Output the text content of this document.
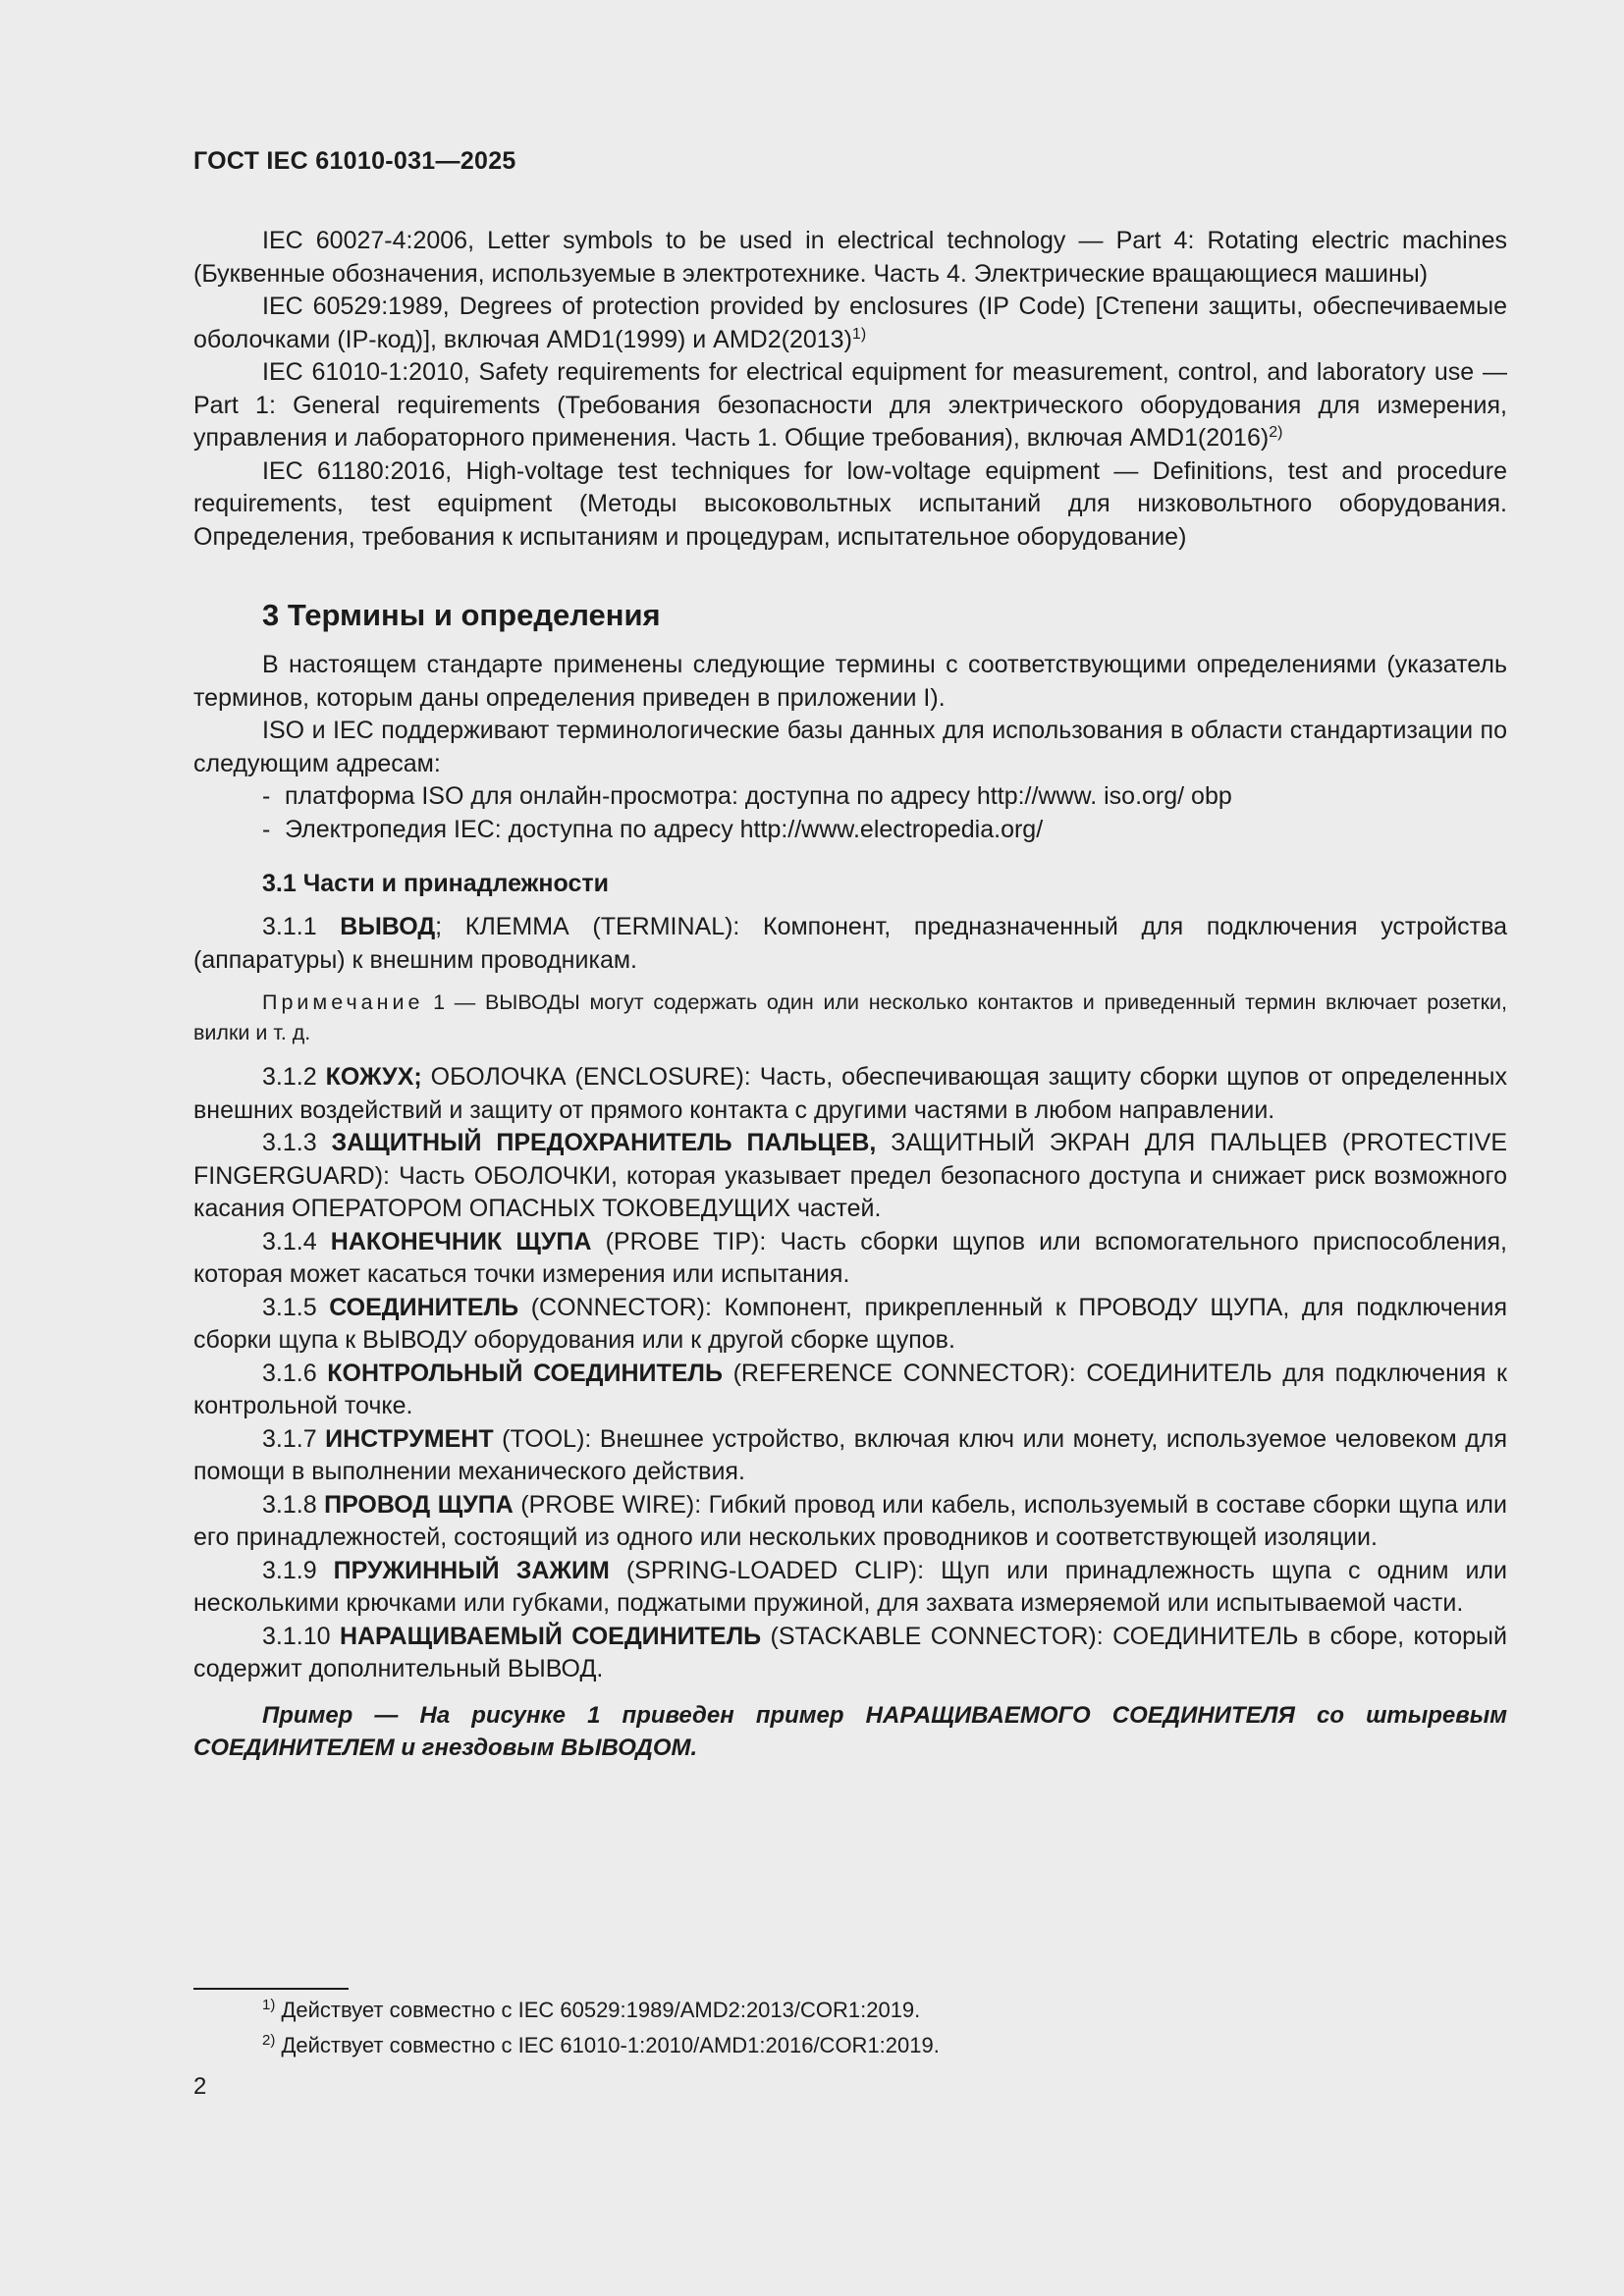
ГОСТ IEC 61010-031—2025

IEC 60027-4:2006, Letter symbols to be used in electrical technology — Part 4: Rotating electric machines (Буквенные обозначения, используемые в электротехнике. Часть 4. Электрические вращающиеся машины)

IEC 60529:1989, Degrees of protection provided by enclosures (IP Code) [Степени защиты, обеспечиваемые оболочками (IP-код)], включая AMD1(1999) и $AMD2(2013)^{1)}$

IEC 61010-1:2010, Safety requirements for electrical equipment for measurement, control, and laboratory use — Part 1: General requirements (Требования безопасности для электрического оборудования для измерения, управления и лабораторного применения. Часть 1. Общие требования), включая $AMD1(2016)^{2)}$

IEC 61180:2016, High-voltage test techniques for low-voltage equipment — Definitions, test and procedure requirements, test equipment (Методы высоковольтных испытаний для низковольтного оборудования. Определения, требования к испытаниям и процедурам, испытательное оборудование)

3 Термины и определения

В настоящем стандарте применены следующие термины с соответствующими определениями (указатель терминов, которым даны определения приведен в приложении I).

ISO и IEC поддерживают терминологические базы данных для использования в области стандартизации по следующим адресам:

- платформа ISO для онлайн-просмотра: доступна по адресу http://www. iso.org/ obp
- Электропедия IEC: доступна по адресу http://www.electropedia.org/
3.1 Части и принадлежности

3.1.1 ВЫВОД; КЛЕММА (TERMINAL): Компонент, предназначенный для подключения устройства (аппаратуры) к внешним проводникам.

Примечание 1 — ВЫВОДЫ могут содержать один или несколько контактов и приведенный термин включает розетки, вилки и т. д.

3.1.2 КОЖУХ; ОБОЛОЧКА (ENCLOSURE): Часть, обеспечивающая защиту сборки щупов от определенных внешних воздействий и защиту от прямого контакта с другими частями в любом направлении.

3.1.3 ЗАЩИТНЫЙ ПРЕДОХРАНИТЕЛЬ ПАЛЬЦЕВ, ЗАЩИТНЫЙ ЭКРАН ДЛЯ ПАЛЬЦЕВ (PROTECTIVE FINGERGUARD): Часть ОБОЛОЧКИ, которая указывает предел безопасного доступа и снижает риск возможного касания ОПЕРАТОРОМ ОПАСНЫХ ТОКОВЕДУЩИХ частей.

3.1.4 НАКОНЕЧНИК ЩУПА (PROBE TIP): Часть сборки щупов или вспомогательного приспособления, которая может касаться точки измерения или испытания.

3.1.5 СОЕДИНИТЕЛЬ (CONNECTOR): Компонент, прикрепленный к ПРОВОДУ ЩУПА, для подключения сборки щупа к ВЫВОДУ оборудования или к другой сборке щупов.

3.1.6 КОНТРОЛЬНЫЙ СОЕДИНИТЕЛЬ (REFERENCE CONNECTOR): СОЕДИНИТЕЛЬ для подключения к контрольной точке.

3.1.7 ИНСТРУМЕНТ (TOOL): Внешнее устройство, включая ключ или монету, используемое человеком для помощи в выполнении механического действия.

3.1.8 ПРОВОД ЩУПА (PROBE WIRE): Гибкий провод или кабель, используемый в составе сборки щупа или его принадлежностей, состоящий из одного или нескольких проводников и соответствующей изоляции.

3.1.9 ПРУЖИННЫЙ ЗАЖИМ (SPRING-LOADED CLIP): Щуп или принадлежность щупа с одним или несколькими крючками или губками, поджатыми пружиной, для захвата измеряемой или испытываемой части.

3.1.10 НАРАЩИВАЕМЫЙ СОЕДИНИТЕЛЬ (STACKABLE CONNECTOR): СОЕДИНИТЕЛЬ в сборе, который содержит дополнительный ВЫВОД.

Пример — На рисунке 1 приведен пример НАРАЩИВАЕМОГО СОЕДИНИТЕЛЯ со штыревым СОЕДИНИТЕЛЕМ и гнездовым ВЫВОДОМ.

$^{1)}$ Действует совместно с IEC 60529:1989/AMD2:2013/COR1:2019.
$^{2)}$ Действует совместно с IEC 61010-1:2010/AMD1:2016/COR1:2019.
2
